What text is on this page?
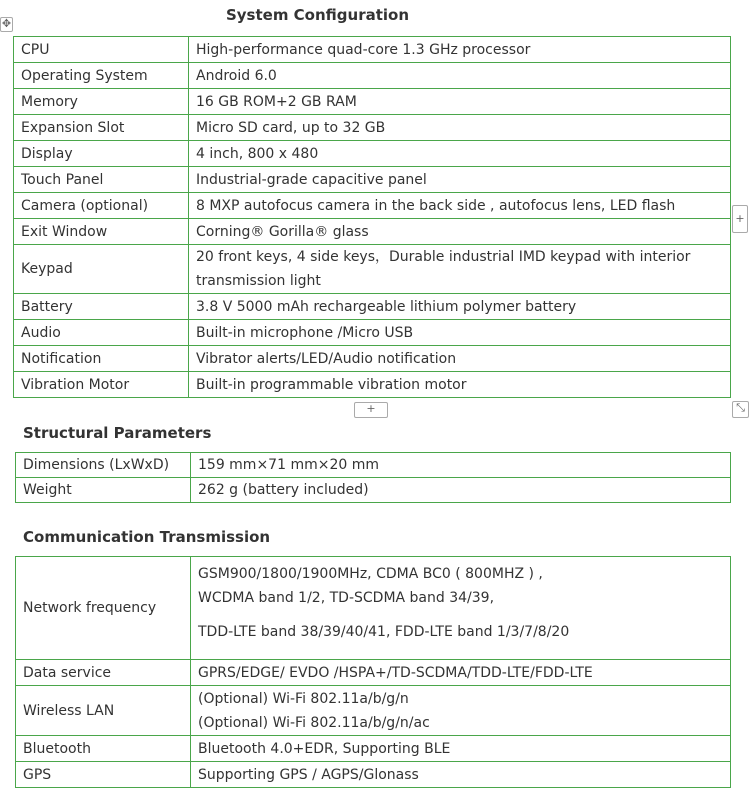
✥	System Configuration
CPU	High-performance quad-core 1.3 GHz processor
Operating System	Android 6.0
Memory	16 GB ROM+2 GB RAM
Expansion Slot	Micro SD card, up to 32 GB
Display	4 inch, 800 x 480
Touch Panel	Industrial-grade capacitive panel
Camera (optional)	8 MXP autofocus camera in the back side , autofocus lens, LED flash
Exit Window	Corning® Gorilla® glass
Keypad	20 front keys, 4 side keys，Durable industrial IMD keypad with interior transmission light
Battery	3.8 V 5000 mAh rechargeable lithium polymer battery
Audio	Built-in microphone /Micro USB
Notification	Vibrator alerts/LED/Audio notification
Vibration Motor	Built-in programmable vibration motor
+
+	⤡
Structural Parameters
Dimensions (LxWxD)	159 mm×71 mm×20 mm
Weight	262 g (battery included)
Communication Transmission
Network frequency	GSM900/1800/1900MHz, CDMA BC0 ( 800MHZ ) ,
WCDMA band 1/2, TD-SCDMA band 34/39,
TDD-LTE band 38/39/40/41, FDD-LTE band 1/3/7/8/20

Data service	GPRS/EDGE/ EVDO /HSPA+/TD-SCDMA/TDD-LTE/FDD-LTE
Wireless LAN	(Optional) Wi-Fi 802.11a/b/g/n
(Optional) Wi-Fi 802.11a/b/g/n/ac

Bluetooth	Bluetooth 4.0+EDR, Supporting BLE
GPS	Supporting GPS / AGPS/Glonass
